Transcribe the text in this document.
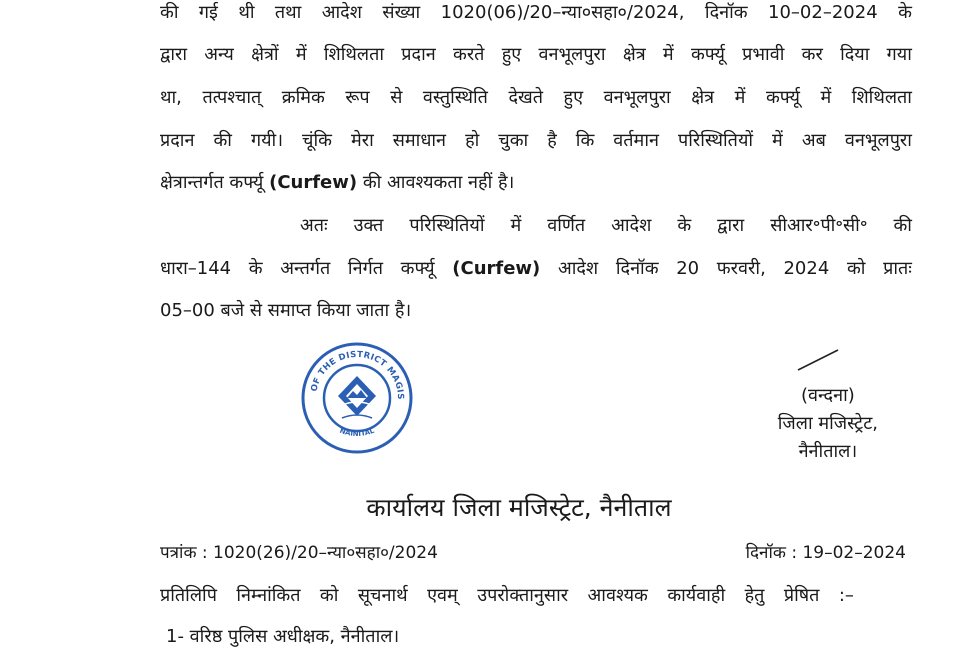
की गई थी तथा आदेश संख्या 1020(06)/20–न्या०सहा०/2024, दिनॉक 10–02–2024 के
द्वारा अन्य क्षेत्रों में शिथिलता प्रदान करते हुए वनभूलपुरा क्षेत्र में कर्फ्यू प्रभावी कर दिया गया
था, तत्पश्चात् क्रमिक रूप से वस्तुस्थिति देखते हुए वनभूलपुरा क्षेत्र में कर्फ्यू में शिथिलता
प्रदान की गयी। चूंकि मेरा समाधान हो चुका है कि वर्तमान परिस्थितियों में अब वनभूलपुरा
क्षेत्रान्तर्गत कर्फ्यू (Curfew) की आवश्यकता नहीं है।
अतः उक्त परिस्थितियों में वर्णित आदेश के द्वारा सीआर॰पी॰सी॰ की
धारा–144 के अन्तर्गत निर्गत कर्फ्यू (Curfew) आदेश दिनॉक 20 फरवरी, 2024 को प्रातः
05–00 बजे से समाप्त किया जाता है।
OF THE DISTRICT MAGIS
NAINITAL
(वन्दना)
जिला मजिस्ट्रेट,
नैनीताल।
कार्यालय जिला मजिस्ट्रेट, नैनीताल
पत्रांक : 1020(26)/20–न्या०सहा०/2024	दिनॉक : 19–02–2024
प्रतिलिपि निम्नांकित को सूचनार्थ एवम् उपरोक्तानुसार आवश्यक कार्यवाही हेतु प्रेषित :–
1- वरिष्ठ पुलिस अधीक्षक, नैनीताल।
